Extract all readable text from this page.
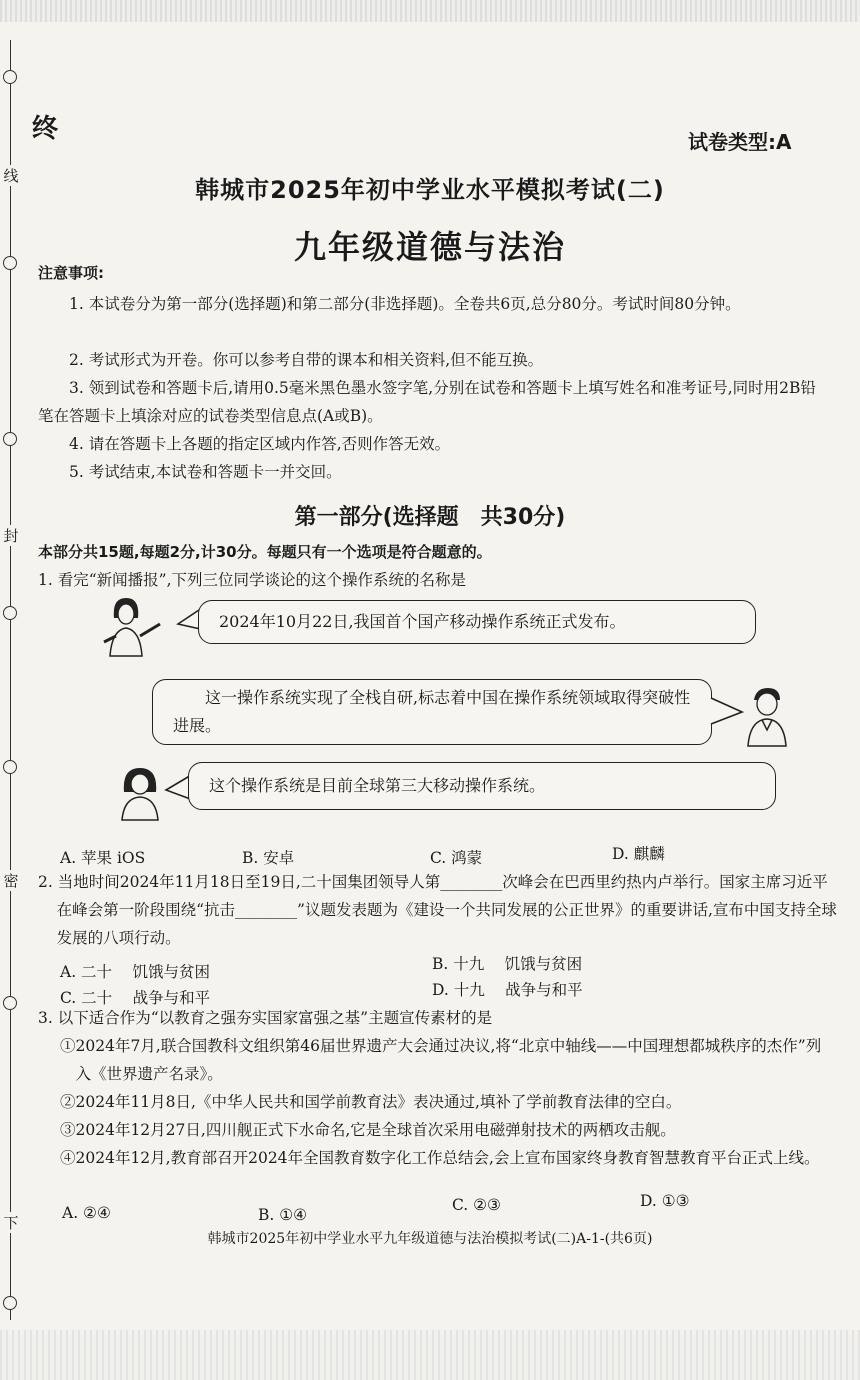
线
封
密
下
终	试卷类型:A
韩城市2025年初中学业水平模拟考试(二)
九年级道德与法治
注意事项:
1. 本试卷分为第一部分(选择题)和第二部分(非选择题)。全卷共6页,总分80分。考试时间80分钟。
2. 考试形式为开卷。你可以参考自带的课本和相关资料,但不能互换。
3. 领到试卷和答题卡后,请用0.5毫米黑色墨水签字笔,分别在试卷和答题卡上填写姓名和准考证号,同时用2B铅笔在答题卡上填涂对应的试卷类型信息点(A或B)。
4. 请在答题卡上各题的指定区域内作答,否则作答无效。
5. 考试结束,本试卷和答题卡一并交回。
第一部分(选择题　共30分)
本部分共15题,每题2分,计30分。每题只有一个选项是符合题意的。
1. 看完“新闻播报”,下列三位同学谈论的这个操作系统的名称是
2024年10月22日,我国首个国产移动操作系统正式发布。
这一操作系统实现了全栈自研,标志着中国在操作系统领域取得突破性进展。
这个操作系统是目前全球第三大移动操作系统。
A. 苹果 iOS	B. 安卓	C. 鸿蒙	D. 麒麟
2. 当地时间2024年11月18日至19日,二十国集团领导人第________次峰会在巴西里约热内卢举行。国家主席习近平在峰会第一阶段围绕“抗击________”议题发表题为《建设一个共同发展的公正世界》的重要讲话,宣布中国支持全球发展的八项行动。
A. 二十　 饥饿与贫困	B. 十九　 饥饿与贫困
C. 二十　 战争与和平	D. 十九　 战争与和平
3. 以下适合作为“以教育之强夯实国家富强之基”主题宣传素材的是
①2024年7月,联合国教科文组织第46届世界遗产大会通过决议,将“北京中轴线——中国理想都城秩序的杰作”列入《世界遗产名录》。
②2024年11月8日,《中华人民共和国学前教育法》表决通过,填补了学前教育法律的空白。
③2024年12月27日,四川舰正式下水命名,它是全球首次采用电磁弹射技术的两栖攻击舰。
④2024年12月,教育部召开2024年全国教育数字化工作总结会,会上宣布国家终身教育智慧教育平台正式上线。
A. ②④	B. ①④
C. ②③	D. ①③
韩城市2025年初中学业水平九年级道德与法治模拟考试(二)A-1-(共6页)
